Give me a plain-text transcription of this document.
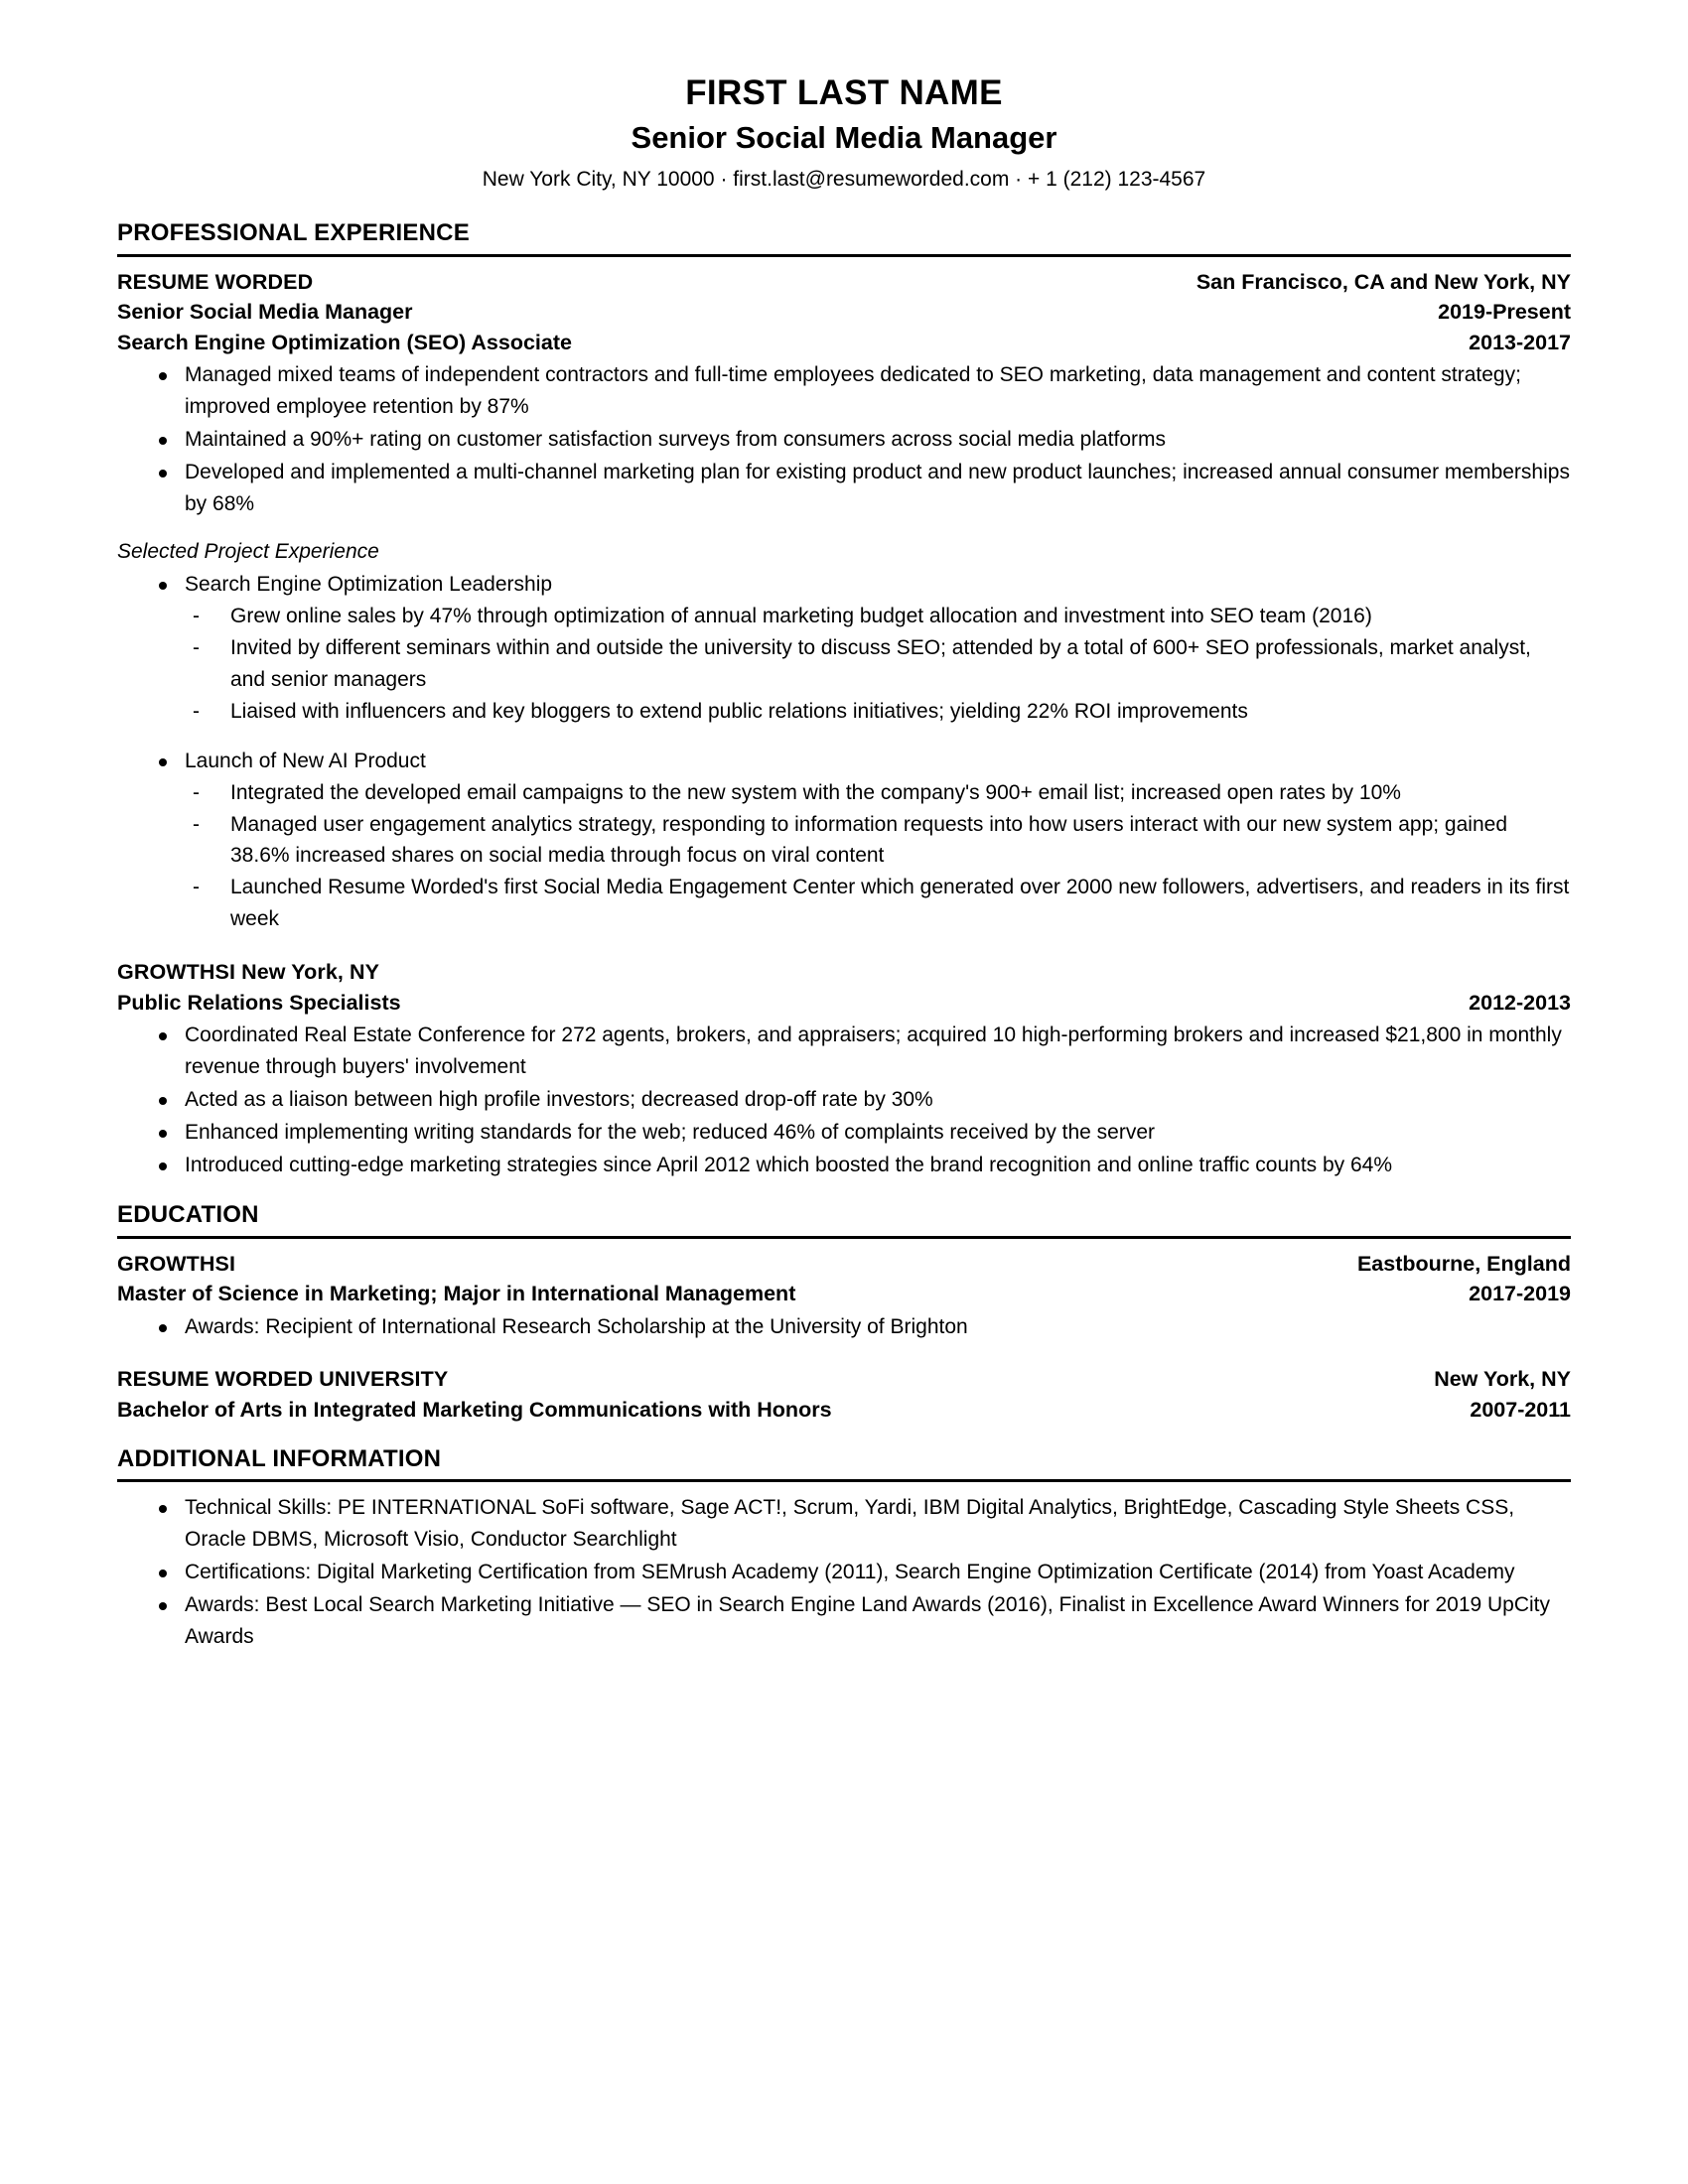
FIRST LAST NAME
Senior Social Media Manager
New York City, NY 10000 · first.last@resumeworded.com · + 1 (212) 123-4567
PROFESSIONAL EXPERIENCE
RESUME WORDED	San Francisco, CA and New York, NY
Senior Social Media Manager	2019-Present
Search Engine Optimization (SEO) Associate	2013-2017
Managed mixed teams of independent contractors and full-time employees dedicated to SEO marketing, data management and content strategy; improved employee retention by 87%
Maintained a 90%+ rating on customer satisfaction surveys from consumers across social media platforms
Developed and implemented a multi-channel marketing plan for existing product and new product launches; increased annual consumer memberships by 68%
Selected Project Experience
Search Engine Optimization Leadership
- Grew online sales by 47% through optimization of annual marketing budget allocation and investment into SEO team (2016)
- Invited by different seminars within and outside the university to discuss SEO; attended by a total of 600+ SEO professionals, market analyst, and senior managers
- Liaised with influencers and key bloggers to extend public relations initiatives; yielding 22% ROI improvements
Launch of New AI Product
- Integrated the developed email campaigns to the new system with the company's 900+ email list; increased open rates by 10%
- Managed user engagement analytics strategy, responding to information requests into how users interact with our new system app; gained 38.6% increased shares on social media through focus on viral content
- Launched Resume Worded's first Social Media Engagement Center which generated over 2000 new followers, advertisers, and readers in its first week
GROWTHSI New York, NY
Public Relations Specialists	2012-2013
Coordinated Real Estate Conference for 272 agents, brokers, and appraisers; acquired 10 high-performing brokers and increased $21,800 in monthly revenue through buyers' involvement
Acted as a liaison between high profile investors; decreased drop-off rate by 30%
Enhanced implementing writing standards for the web; reduced 46% of complaints received by the server
Introduced cutting-edge marketing strategies since April 2012 which boosted the brand recognition and online traffic counts by 64%
EDUCATION
GROWTHSI	Eastbourne, England
Master of Science in Marketing; Major in International Management	2017-2019
Awards: Recipient of International Research Scholarship at the University of Brighton
RESUME WORDED UNIVERSITY	New York, NY
Bachelor of Arts in Integrated Marketing Communications with Honors	2007-2011
ADDITIONAL INFORMATION
Technical Skills: PE INTERNATIONAL SoFi software, Sage ACT!, Scrum, Yardi, IBM Digital Analytics, BrightEdge, Cascading Style Sheets CSS, Oracle DBMS, Microsoft Visio, Conductor Searchlight
Certifications: Digital Marketing Certification from SEMrush Academy (2011), Search Engine Optimization Certificate (2014) from Yoast Academy
Awards: Best Local Search Marketing Initiative — SEO in Search Engine Land Awards (2016), Finalist in Excellence Award Winners for 2019 UpCity Awards
